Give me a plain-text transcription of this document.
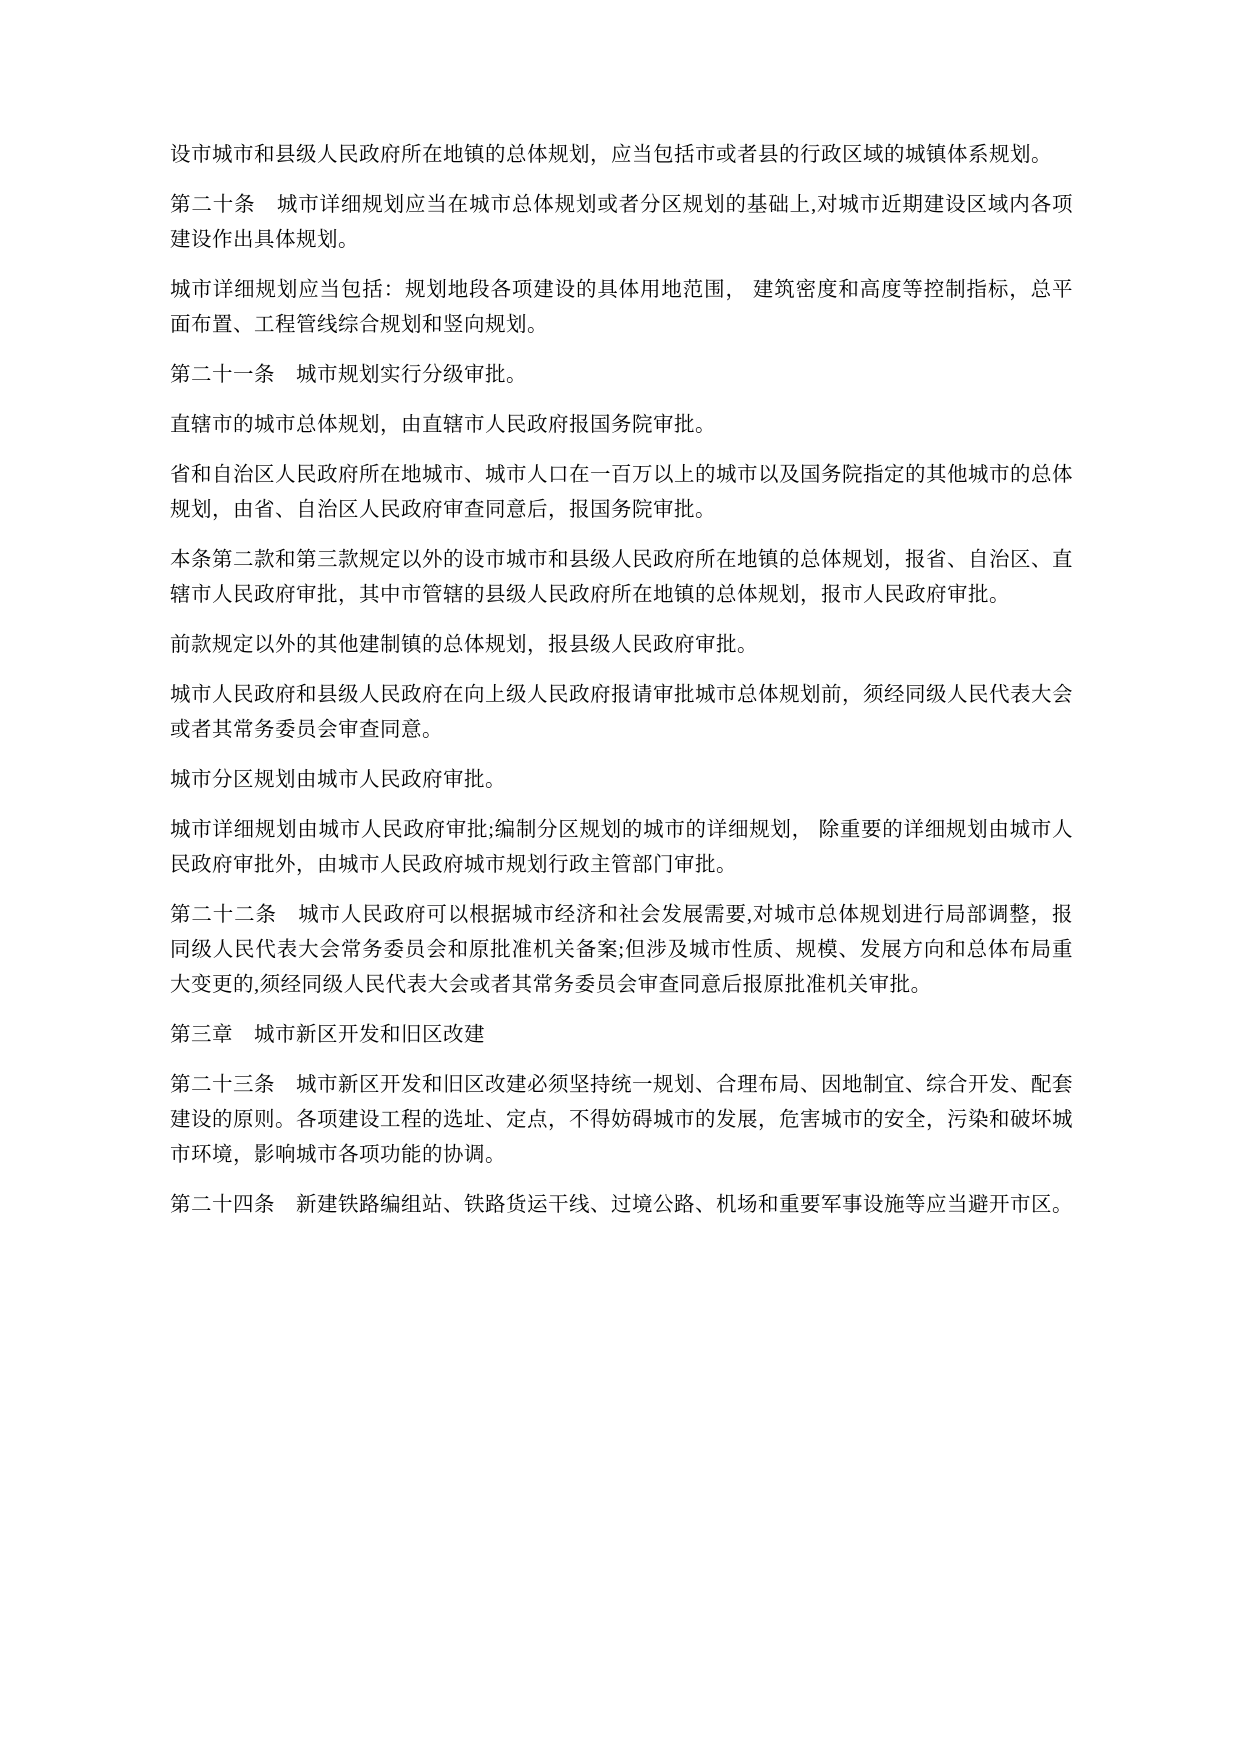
设市城市和县级人民政府所在地镇的总体规划，应当包括市或者县的行政区域的城镇体系规划。

第二十条　城市详细规划应当在城市总体规划或者分区规划的基础上,对城市近期建设区域内各项建设作出具体规划。

城市详细规划应当包括：规划地段各项建设的具体用地范围， 建筑密度和高度等控制指标，总平面布置、工程管线综合规划和竖向规划。

第二十一条　城市规划实行分级审批。

直辖市的城市总体规划，由直辖市人民政府报国务院审批。

省和自治区人民政府所在地城市、城市人口在一百万以上的城市以及国务院指定的其他城市的总体规划，由省、自治区人民政府审查同意后，报国务院审批。

本条第二款和第三款规定以外的设市城市和县级人民政府所在地镇的总体规划，报省、自治区、直辖市人民政府审批，其中市管辖的县级人民政府所在地镇的总体规划，报市人民政府审批。

前款规定以外的其他建制镇的总体规划，报县级人民政府审批。

城市人民政府和县级人民政府在向上级人民政府报请审批城市总体规划前，须经同级人民代表大会或者其常务委员会审查同意。

城市分区规划由城市人民政府审批。

城市详细规划由城市人民政府审批;编制分区规划的城市的详细规划， 除重要的详细规划由城市人民政府审批外，由城市人民政府城市规划行政主管部门审批。

第二十二条　城市人民政府可以根据城市经济和社会发展需要,对城市总体规划进行局部调整，报同级人民代表大会常务委员会和原批准机关备案;但涉及城市性质、规模、发展方向和总体布局重大变更的,须经同级人民代表大会或者其常务委员会审查同意后报原批准机关审批。

第三章　城市新区开发和旧区改建

第二十三条　城市新区开发和旧区改建必须坚持统一规划、合理布局、因地制宜、综合开发、配套建设的原则。各项建设工程的选址、定点，不得妨碍城市的发展，危害城市的安全，污染和破坏城市环境，影响城市各项功能的协调。

第二十四条　新建铁路编组站、铁路货运干线、过境公路、机场和重要军事设施等应当避开市区。
